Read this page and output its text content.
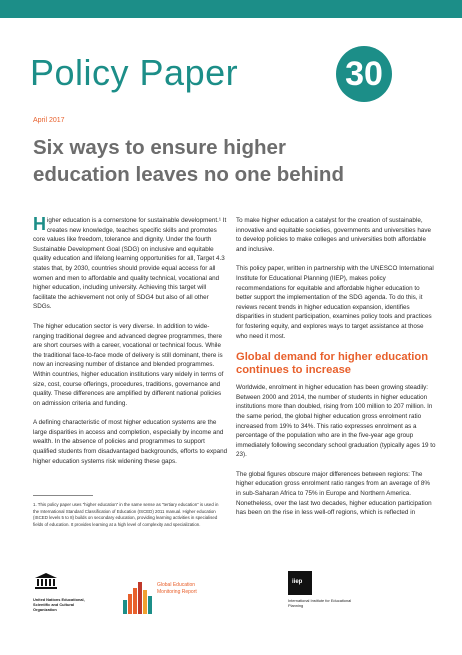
Policy Paper	30
April 2017
Six ways to ensure higher
education leaves no one behind

Higher education is a cornerstone for sustainable development.¹ It creates new knowledge, teaches specific skills and promotes core values like freedom, tolerance and dignity. Under the fourth Sustainable Development Goal (SDG) on inclusive and equitable quality education and lifelong learning opportunities for all, Target 4.3 states that, by 2030, countries should provide equal access for all women and men to affordable and quality technical, vocational and higher education, including university. Achieving this target will facilitate the achievement not only of SDG4 but also of all other SDGs.

The higher education sector is very diverse. In addition to wide-ranging traditional degree and advanced degree programmes, there are short courses with a career, vocational or technical focus. While the traditional face-to-face mode of delivery is still dominant, there is now an increasing number of distance and blended programmes. Within countries, higher education institutions vary widely in terms of size, cost, course offerings, procedures, traditions, governance and quality. These differences are amplified by different national policies on admission criteria and funding.

A defining characteristic of most higher education systems are the large disparities in access and completion, especially by income and wealth. In the absence of policies and programmes to support qualified students from disadvantaged backgrounds, efforts to expand higher education systems risk widening these gaps.

1. This policy paper uses “higher education” in the same sense as “tertiary education” is used in the International Standard Classification of Education (ISCED) 2011 manual. Higher education (ISCED levels 5 to 8) builds on secondary education, providing learning activities in specialised fields of education. It provides learning at a high level of complexity and specialization.

To make higher education a catalyst for the creation of sustainable, innovative and equitable societies, governments and universities have to develop policies to make colleges and universities both affordable and inclusive.

This policy paper, written in partnership with the UNESCO International Institute for Educational Planning (IIEP), makes policy recommendations for equitable and affordable higher education to better support the implementation of the SDG agenda. To do this, it reviews recent trends in higher education expansion, identifies disparities in student participation, examines policy tools and practices for fostering equity, and explores ways to target assistance at those who need it most.

Global demand for higher education continues to increase

Worldwide, enrolment in higher education has been growing steadily: Between 2000 and 2014, the number of students in higher education institutions more than doubled, rising from 100 million to 207 million. In the same period, the global higher education gross enrolment ratio increased from 19% to 34%. This ratio expresses enrolment as a percentage of the population who are in the five-year age group immediately following secondary school graduation (typically ages 19 to 23).

The global figures obscure major differences between regions: The higher education gross enrolment ratio ranges from an average of 8% in sub-Saharan Africa to 75% in Europe and Northern America. Nonetheless, over the last two decades, higher education participation has been on the rise in less well-off regions, which is reflected in

United Nations Educational, Scientific and Cultural Organization
Global Education Monitoring Report
iiep
International Institute for Educational Planning
